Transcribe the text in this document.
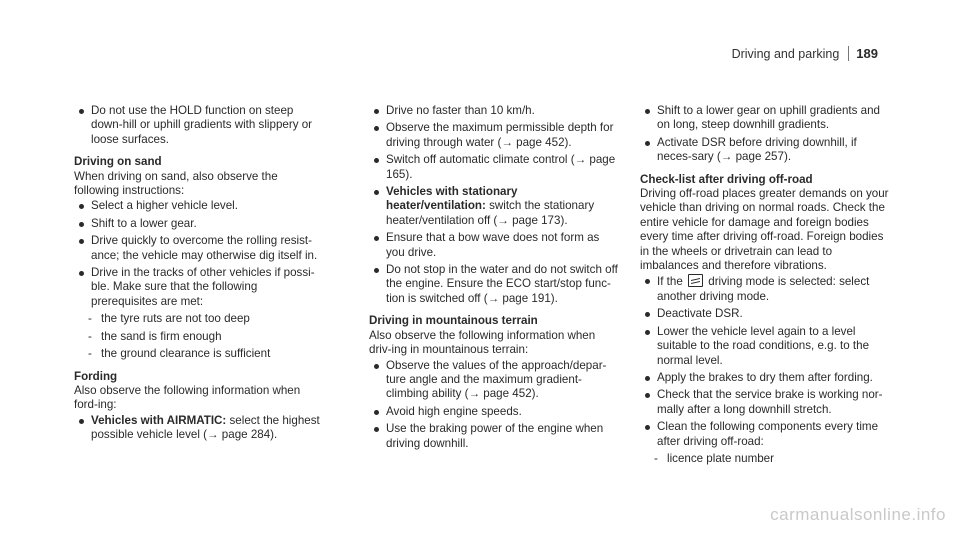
Driving and parking	189
Do not use the HOLD function on steep down-hill or uphill gradients with slippery or loose surfaces.
Driving on sand
When driving on sand, also observe the following instructions:
Select a higher vehicle level.
Shift to a lower gear.
Drive quickly to overcome the rolling resist-ance; the vehicle may otherwise dig itself in.
Drive in the tracks of other vehicles if possi-ble. Make sure that the following prerequisites are met:
- the tyre ruts are not too deep
- the sand is firm enough
- the ground clearance is sufficient
Fording
Also observe the following information when ford-ing:
Vehicles with AIRMATIC: select the highest possible vehicle level (→ page 284).
Drive no faster than 10 km/h.
Observe the maximum permissible depth for driving through water (→ page 452).
Switch off automatic climate control (→ page 165).
Vehicles with stationary heater/ventilation: switch the stationary heater/ventilation off (→ page 173).
Ensure that a bow wave does not form as you drive.
Do not stop in the water and do not switch off the engine. Ensure the ECO start/stop func-tion is switched off (→ page 191).
Driving in mountainous terrain
Also observe the following information when driv-ing in mountainous terrain:
Observe the values of the approach/depar-ture angle and the maximum gradient-climbing ability (→ page 452).
Avoid high engine speeds.
Use the braking power of the engine when driving downhill.
Shift to a lower gear on uphill gradients and on long, steep downhill gradients.
Activate DSR before driving downhill, if neces-sary (→ page 257).
Check-list after driving off-road
Driving off-road places greater demands on your vehicle than driving on normal roads. Check the entire vehicle for damage and foreign bodies every time after driving off-road. Foreign bodies in the wheels or drivetrain can lead to imbalances and therefore vibrations.
If the driving mode is selected: select another driving mode.
Deactivate DSR.
Lower the vehicle level again to a level suitable to the road conditions, e.g. to the normal level.
Apply the brakes to dry them after fording.
Check that the service brake is working nor-mally after a long downhill stretch.
Clean the following components every time after driving off-road:
- licence plate number
carmanualsonline.info
